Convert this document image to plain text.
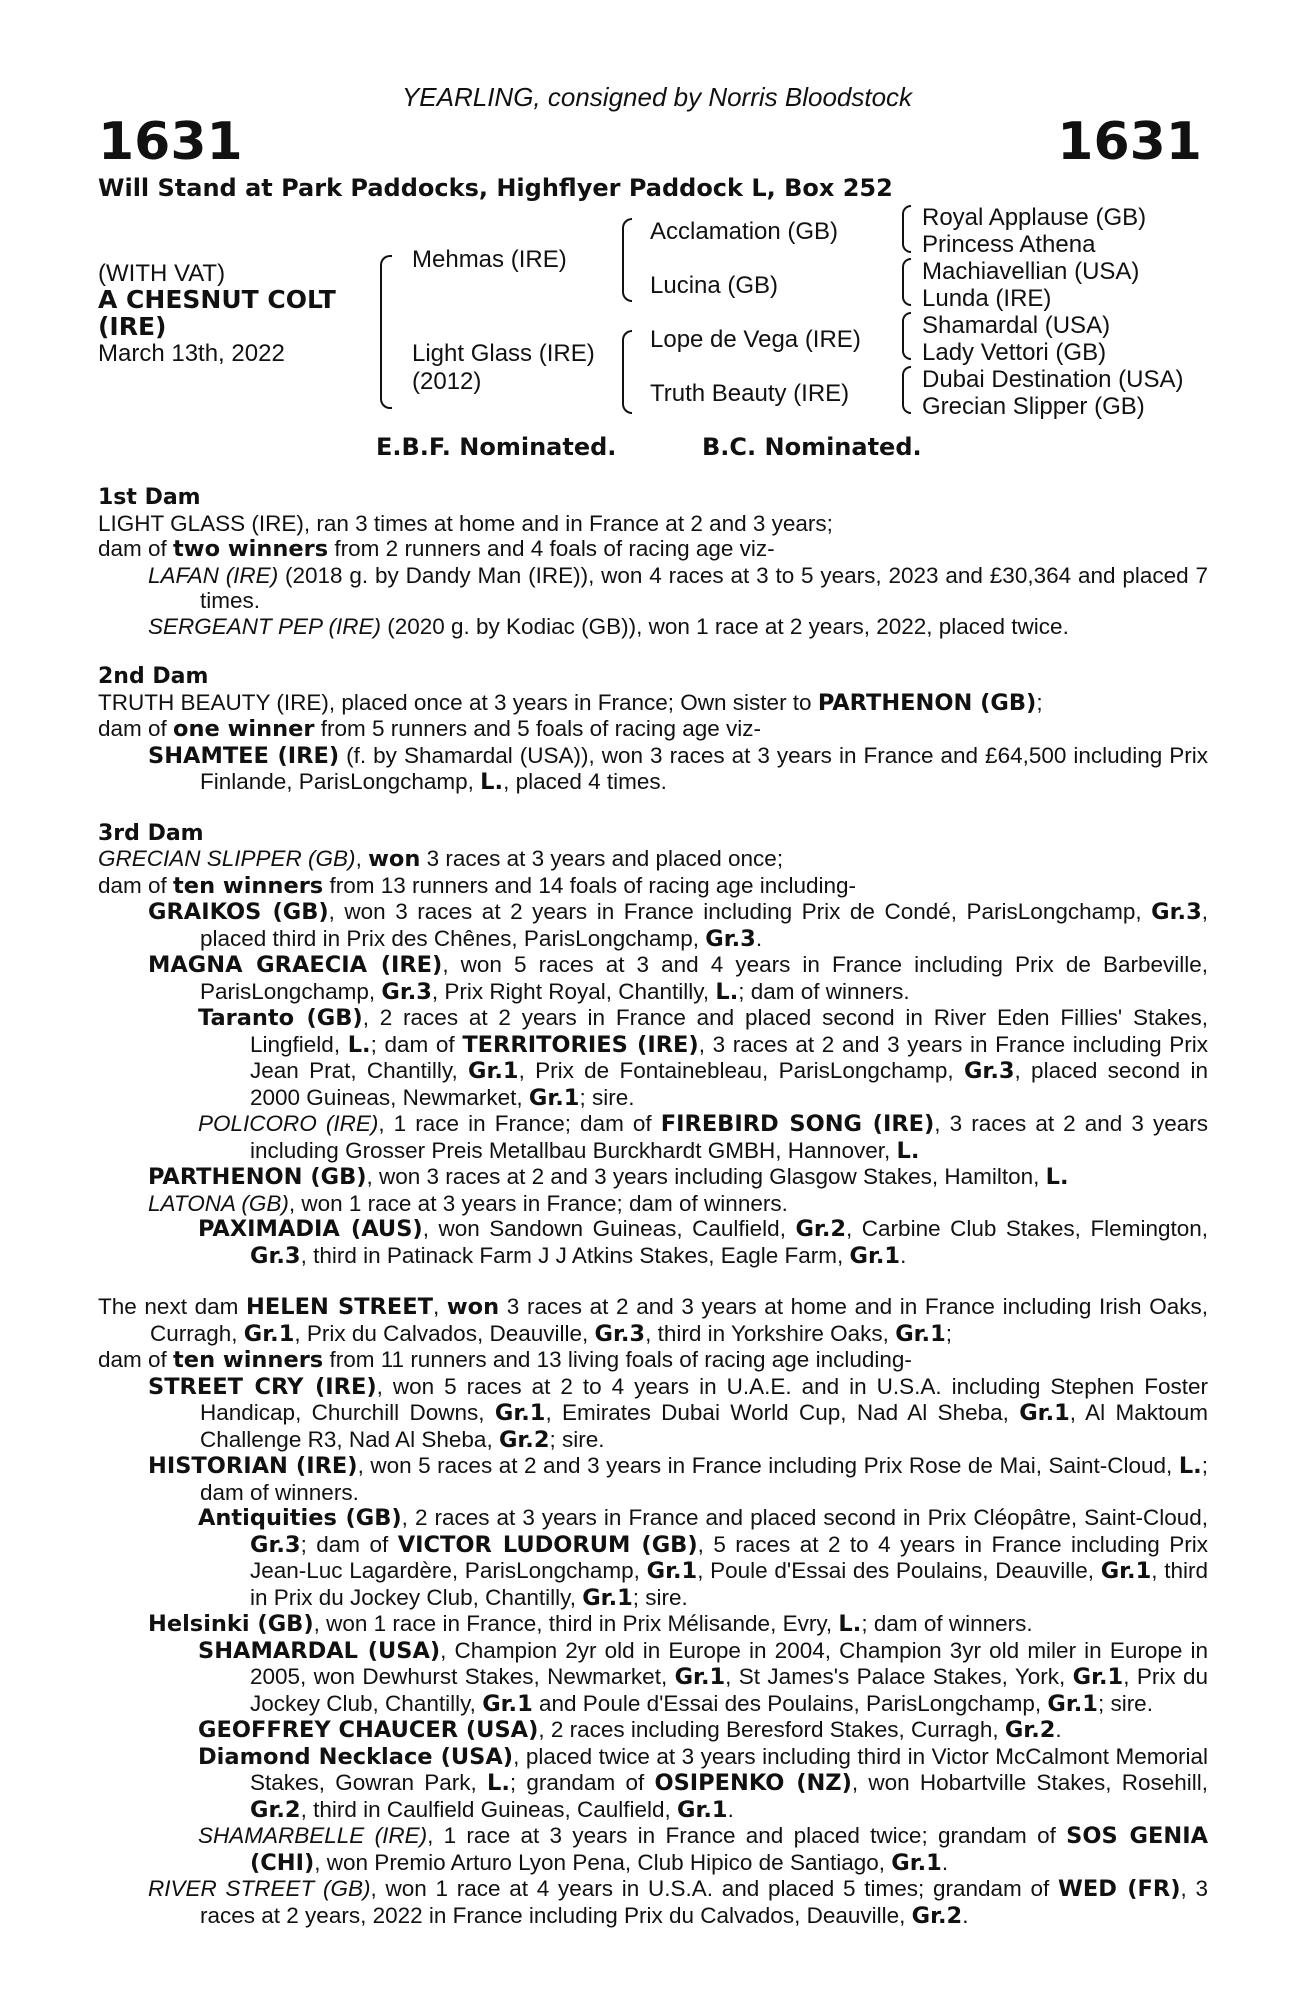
YEARLING, consigned by Norris Bloodstock
1631	1631
Will Stand at Park Paddocks, Highflyer Paddock L, Box 252
(WITH VAT)
A CHESNUT COLT
(IRE)
March 13th, 2022
Mehmas (IRE)
Light Glass (IRE)
(2012)
Acclamation (GB)
Lucina (GB)
Lope de Vega (IRE)
Truth Beauty (IRE)
Royal Applause (GB)
Princess Athena
Machiavellian (USA)
Lunda (IRE)
Shamardal (USA)
Lady Vettori (GB)
Dubai Destination (USA)
Grecian Slipper (GB)
E.B.F. Nominated.	B.C. Nominated.

1st Dam

LIGHT GLASS (IRE), ran 3 times at home and in France at 2 and 3 years;

dam of two winners from 2 runners and 4 foals of racing age viz-

LAFAN (IRE) (2018 g. by Dandy Man (IRE)), won 4 races at 3 to 5 years, 2023 and £30,364 and placed 7 times.

SERGEANT PEP (IRE) (2020 g. by Kodiac (GB)), won 1 race at 2 years, 2022, placed twice.

2nd Dam

TRUTH BEAUTY (IRE), placed once at 3 years in France; Own sister to PARTHENON (GB);

dam of one winner from 5 runners and 5 foals of racing age viz-

SHAMTEE (IRE) (f. by Shamardal (USA)), won 3 races at 3 years in France and £64,500 including Prix Finlande, ParisLongchamp, L., placed 4 times.

3rd Dam

GRECIAN SLIPPER (GB), won 3 races at 3 years and placed once;

dam of ten winners from 13 runners and 14 foals of racing age including-

GRAIKOS (GB), won 3 races at 2 years in France including Prix de Condé, ParisLongchamp, Gr.3, placed third in Prix des Chênes, ParisLongchamp, Gr.3.

MAGNA GRAECIA (IRE), won 5 races at 3 and 4 years in France including Prix de Barbeville, ParisLongchamp, Gr.3, Prix Right Royal, Chantilly, L.; dam of winners.

Taranto (GB), 2 races at 2 years in France and placed second in River Eden Fillies' Stakes, Lingfield, L.; dam of TERRITORIES (IRE), 3 races at 2 and 3 years in France including Prix Jean Prat, Chantilly, Gr.1, Prix de Fontainebleau, ParisLongchamp, Gr.3, placed second in 2000 Guineas, Newmarket, Gr.1; sire.

POLICORO (IRE), 1 race in France; dam of FIREBIRD SONG (IRE), 3 races at 2 and 3 years including Grosser Preis Metallbau Burckhardt GMBH, Hannover, L.

PARTHENON (GB), won 3 races at 2 and 3 years including Glasgow Stakes, Hamilton, L.

LATONA (GB), won 1 race at 3 years in France; dam of winners.

PAXIMADIA (AUS), won Sandown Guineas, Caulfield, Gr.2, Carbine Club Stakes, Flemington, Gr.3, third in Patinack Farm J J Atkins Stakes, Eagle Farm, Gr.1.

The next dam HELEN STREET, won 3 races at 2 and 3 years at home and in France including Irish Oaks, Curragh, Gr.1, Prix du Calvados, Deauville, Gr.3, third in Yorkshire Oaks, Gr.1;

dam of ten winners from 11 runners and 13 living foals of racing age including-

STREET CRY (IRE), won 5 races at 2 to 4 years in U.A.E. and in U.S.A. including Stephen Foster Handicap, Churchill Downs, Gr.1, Emirates Dubai World Cup, Nad Al Sheba, Gr.1, Al Maktoum Challenge R3, Nad Al Sheba, Gr.2; sire.

HISTORIAN (IRE), won 5 races at 2 and 3 years in France including Prix Rose de Mai, Saint-Cloud, L.; dam of winners.

Antiquities (GB), 2 races at 3 years in France and placed second in Prix Cléopâtre, Saint-Cloud, Gr.3; dam of VICTOR LUDORUM (GB), 5 races at 2 to 4 years in France including Prix Jean-Luc Lagardère, ParisLongchamp, Gr.1, Poule d'Essai des Poulains, Deauville, Gr.1, third in Prix du Jockey Club, Chantilly, Gr.1; sire.

Helsinki (GB), won 1 race in France, third in Prix Mélisande, Evry, L.; dam of winners.

SHAMARDAL (USA), Champion 2yr old in Europe in 2004, Champion 3yr old miler in Europe in 2005, won Dewhurst Stakes, Newmarket, Gr.1, St James's Palace Stakes, York, Gr.1, Prix du Jockey Club, Chantilly, Gr.1 and Poule d'Essai des Poulains, ParisLongchamp, Gr.1; sire.

GEOFFREY CHAUCER (USA), 2 races including Beresford Stakes, Curragh, Gr.2.

Diamond Necklace (USA), placed twice at 3 years including third in Victor McCalmont Memorial Stakes, Gowran Park, L.; grandam of OSIPENKO (NZ), won Hobartville Stakes, Rosehill, Gr.2, third in Caulfield Guineas, Caulfield, Gr.1.

SHAMARBELLE (IRE), 1 race at 3 years in France and placed twice; grandam of SOS GENIA (CHI), won Premio Arturo Lyon Pena, Club Hipico de Santiago, Gr.1.

RIVER STREET (GB), won 1 race at 4 years in U.S.A. and placed 5 times; grandam of WED (FR), 3 races at 2 years, 2022 in France including Prix du Calvados, Deauville, Gr.2.
